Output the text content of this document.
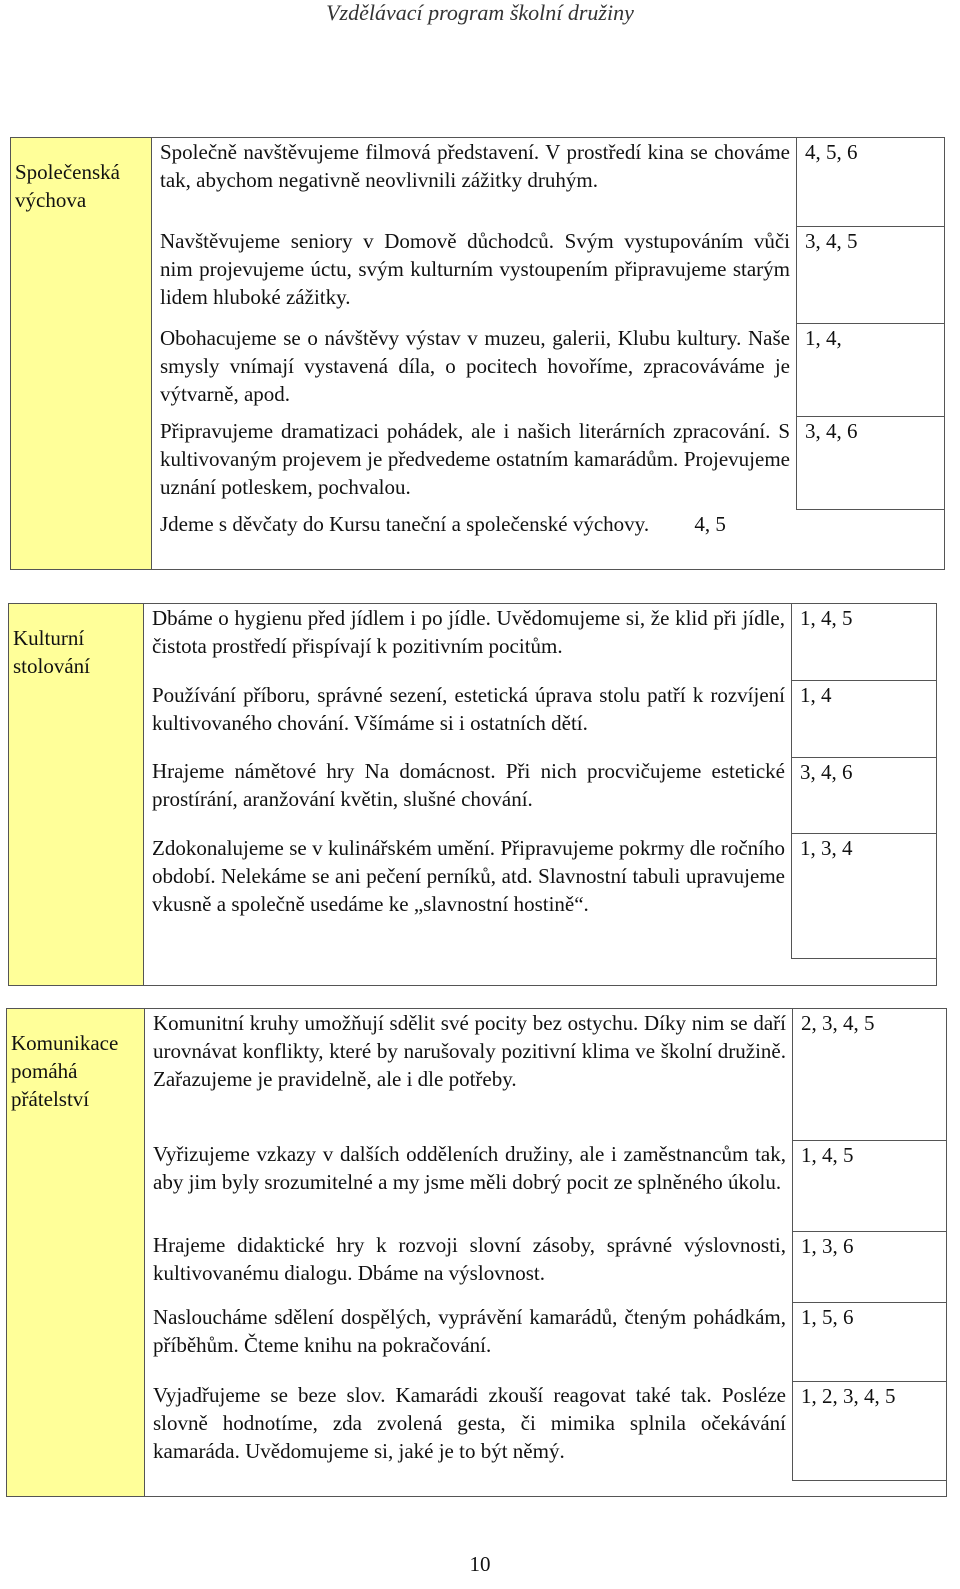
Vzdělávací program školní družiny
Společenská výchova	Společně navštěvujeme filmová představení. V prostředí kina se chováme tak, abychom negativně neovlivnili zážitky druhým.	4, 5, 6
	Navštěvujeme seniory v Domově důchodců. Svým vystupováním vůči nim projevujeme úctu, svým kulturním vystoupením připravujeme starým lidem hluboké zážitky.	3, 4, 5
	Obohacujeme se o návštěvy výstav v muzeu, galerii, Klubu kultury. Naše smysly vnímají vystavená díla, o pocitech hovoříme, zpracováváme je výtvarně, apod.	1, 4,
	Připravujeme dramatizaci pohádek, ale i našich literárních zpracování. S kultivovaným projevem je předvedeme ostatním kamarádům. Projevujeme uznání potleskem, pochvalou.	3, 4, 6
	Jdeme s děvčaty do Kursu taneční a společenské výchovy. 4, 5	

Kulturní stolování	Dbáme o hygienu před jídlem i po jídle. Uvědomujeme si, že klid při jídle, čistota prostředí přispívají k pozitivním pocitům.	1, 4, 5
	Používání příboru, správné sezení, estetická úprava stolu patří k rozvíjení kultivovaného chování. Všímáme si i ostatních dětí.	1, 4
	Hrajeme námětové hry Na domácnost. Při nich procvičujeme estetické prostírání, aranžování květin, slušné chování.	3, 4, 6
	Zdokonalujeme se v kulinářském umění. Připravujeme pokrmy dle ročního období. Nelekáme se ani pečení perníků, atd. Slavnostní tabuli upravujeme vkusně a společně usedáme ke „slavnostní hostině“.	1, 3, 4

Komunikace pomáhá přátelství	Komunitní kruhy umožňují sdělit své pocity bez ostychu. Díky nim se daří urovnávat konflikty, které by narušovaly pozitivní klima ve školní družině. Zařazujeme je pravidelně, ale i dle potřeby.	2, 3, 4, 5
	Vyřizujeme vzkazy v dalších odděleních družiny, ale i zaměstnancům tak, aby jim byly srozumitelné a my jsme měli dobrý pocit ze splněného úkolu.	1, 4, 5
	Hrajeme didaktické hry k rozvoji slovní zásoby, správné výslovnosti, kultivovanému dialogu. Dbáme na výslovnost.	1, 3, 6
	Nasloucháme sdělení dospělých, vyprávění kamarádů, čteným pohádkám, příběhům. Čteme knihu na pokračování.	1, 5, 6
	Vyjadřujeme se beze slov. Kamarádi zkouší reagovat také tak. Posléze slovně hodnotíme, zda zvolená gesta, či mimika splnila očekávání kamaráda. Uvědomujeme si, jaké je to být němý.	1, 2, 3, 4, 5

10
